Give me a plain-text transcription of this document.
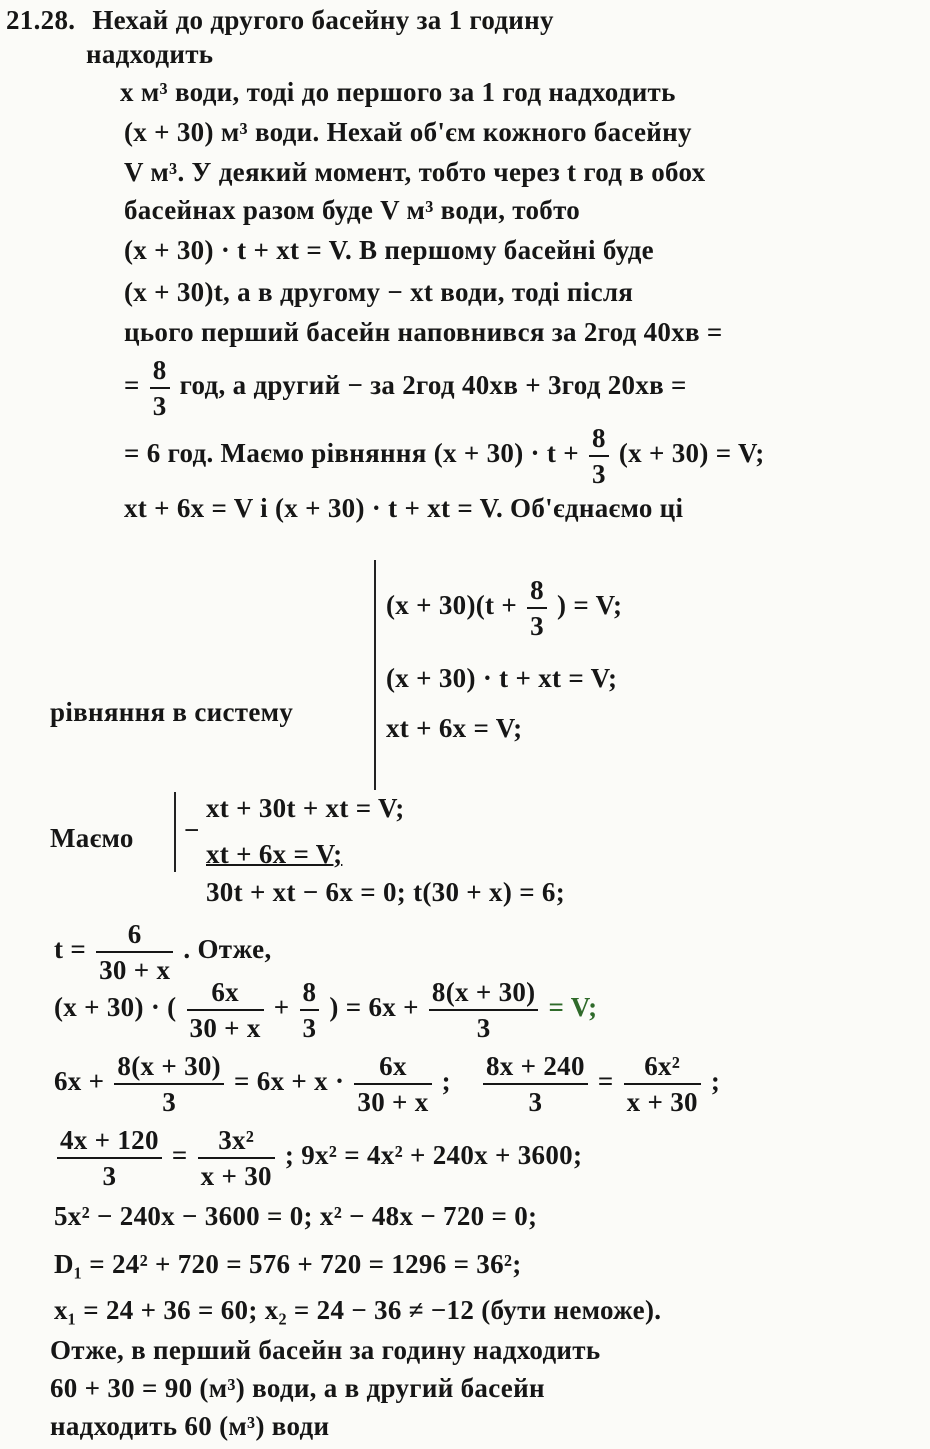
21.28. Нехай до другого басейну за 1 годину
надходить
x м³ води, тоді до першого за 1 год надходить
(x + 30) м³ води. Нехай об'єм кожного басейну
V м³. У деякий момент, тобто через t год в обох
басейнах разом буде V м³ води, тобто
(x + 30) · t + xt = V. В першому басейні буде
(x + 30)t, а в другому − xt води, тоді після
цього перший басейн наповнився за 2год 40хв =
= $\frac{8}{3}$ год, а другий − за 2год 40хв + 3год 20хв =
= 6 год. Маємо рівняння $(x + 30) \cdot t + \frac{8}{3} (x + 30) = V$;
xt + 6x = V і (x + 30) · t + xt = V. Об'єднаємо ці
рівняння в систему
$(x + 30)(t + \frac{8}{3}$ ) = V;
(x + 30) · t + xt = V;
xt + 6x = V;
Маємо −
xt + 30t + xt = V;
xt + 6x = V;
30t + xt − 6x = 0; t(30 + x) = 6;
$t = \frac{6}{30 + x}$ . Отже,
(x + 30) · ( $\frac{6x}{30 + x} + \frac{8}{3}$ ) = $6x + \frac{8(x + 30)}{3} = V$;
$6x + \frac{8(x + 30)}{3} = 6x + x \cdot \frac{6x}{30 + x}$ ; $\frac{8x + 240}{3} = \frac{\text{6x²}}{x + 30}$ ;
$\frac{4x + 120}{3} = \frac{\text{3x²}}{x + 30}$ ; 9x² = 4x² + 240x + 3600;
5x² − 240x − 3600 = 0; x² − 48x − 720 = 0;
D₁ = 24² + 720 = 576 + 720 = 1296 = 36²;
x₁ = 24 + 36 = 60; x₂ = 24 − 36 ≠ −12 (бути неможе).
Отже, в перший басейн за годину надходить
60 + 30 = 90 (м³) води, а в другий басейн
надходить 60 (м³) води
